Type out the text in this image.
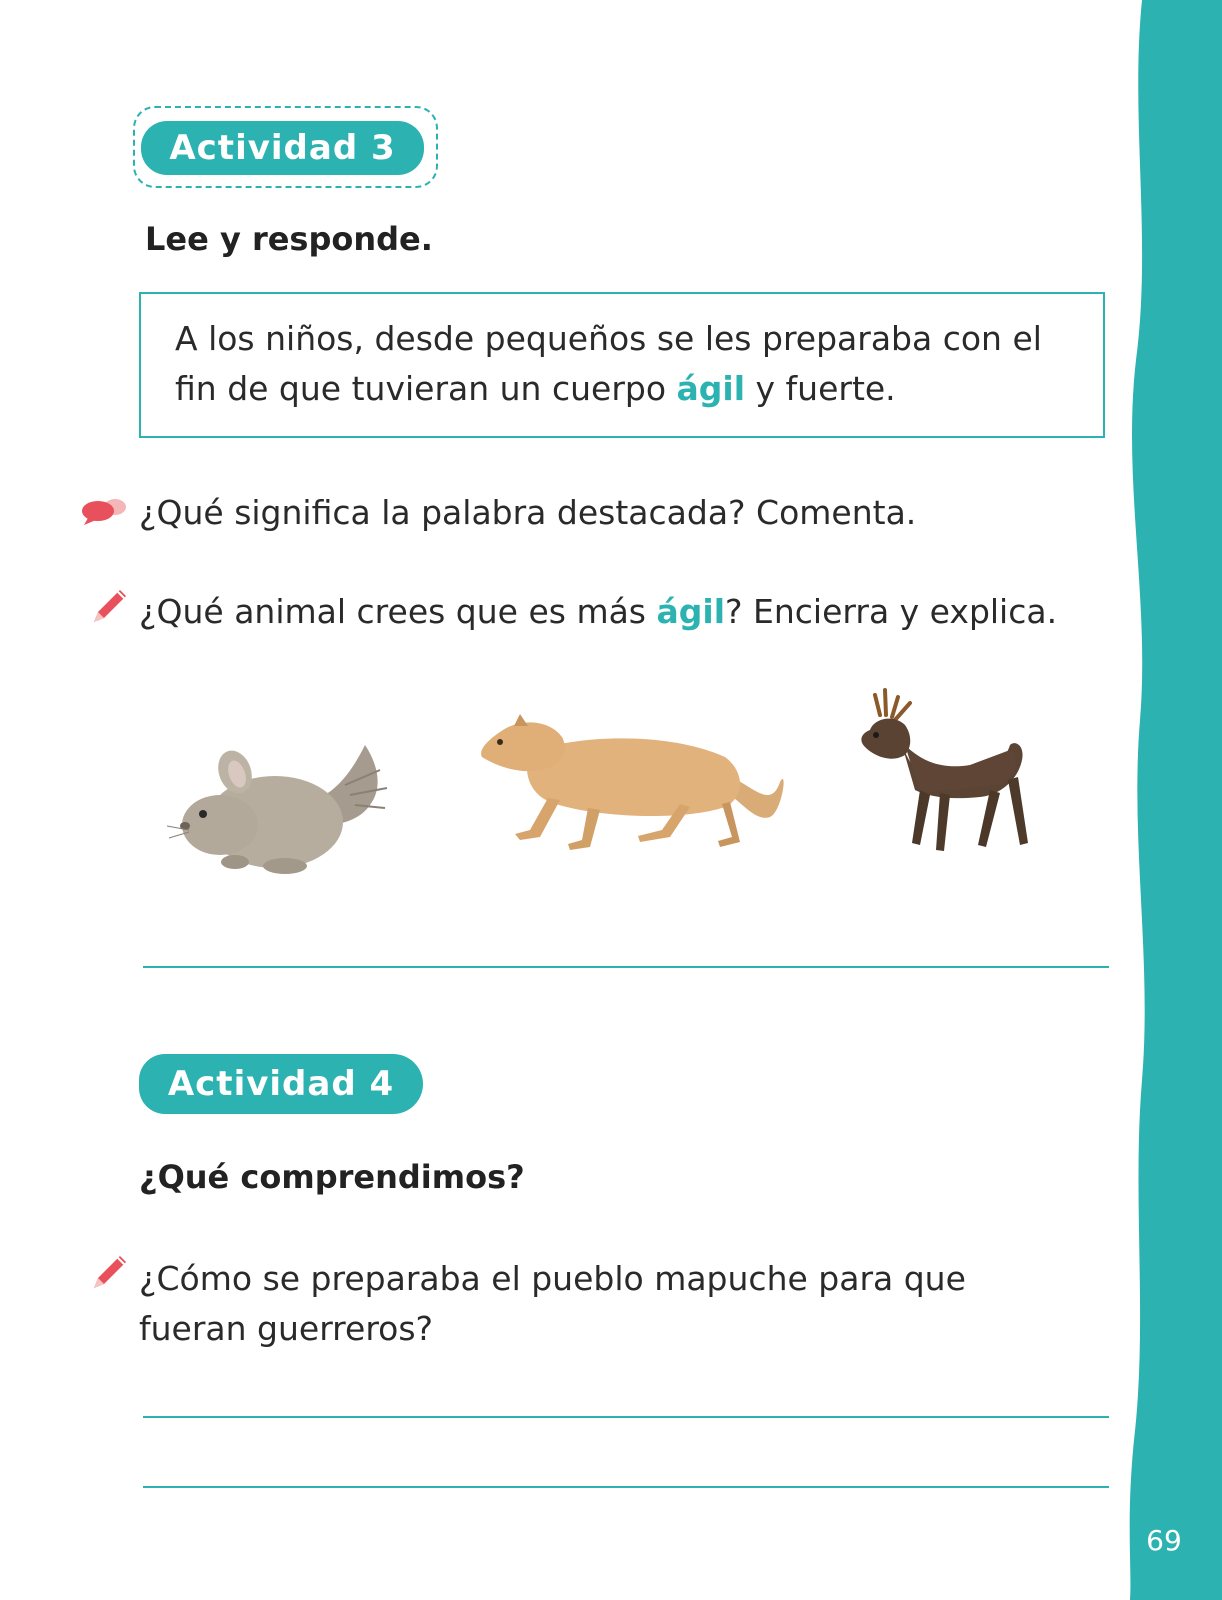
69
Actividad 3
Lee y responde.
A los niños, desde pequeños se les preparaba con el
fin de que tuvieran un cuerpo ágil y fuerte.
¿Qué significa la palabra destacada? Comenta.
¿Qué animal crees que es más ágil? Encierra y explica.
Actividad 4
¿Qué comprendimos?
¿Cómo se preparaba el pueblo mapuche para que fueran guerreros?
